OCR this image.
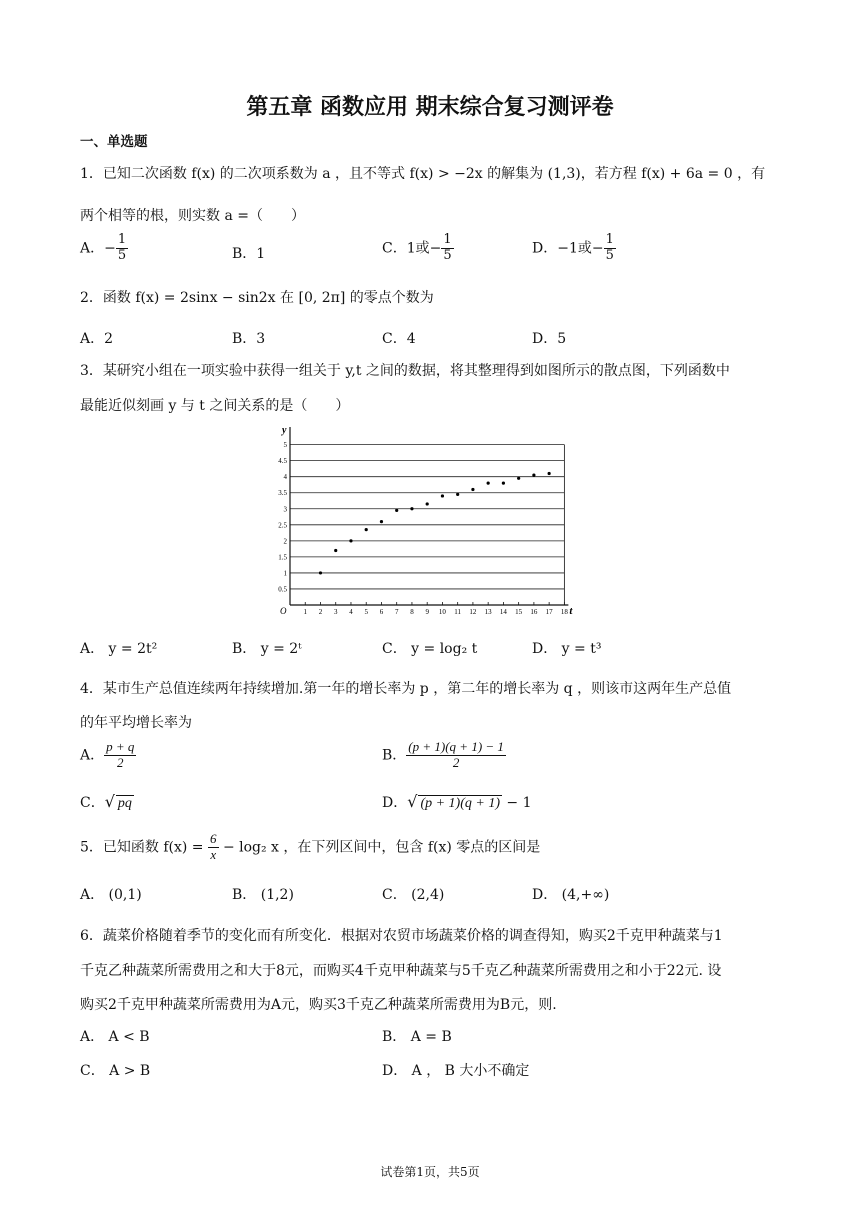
第五章 函数应用 期末综合复习测评卷
一、单选题
1．已知二次函数 f(x) 的二次项系数为 a ，且不等式 f(x) > −2x 的解集为 (1,3)，若方程 f(x) + 6a = 0 ，有
两个相等的根，则实数 a =（　　）
A．− $\frac{1}{5}$	B．1	C．1或− $\frac{1}{5}$	D．−1或− $\frac{1}{5}$
2．函数 f(x) = 2sinx − sin2x 在 [0, 2π] 的零点个数为
A．2	B．3	C．4	D．5
3．某研究小组在一项实验中获得一组关于 y,t 之间的数据，将其整理得到如图所示的散点图，下列函数中
最能近似刻画 y 与 t 之间关系的是（　　）
0.5
1
1.5
2
2.5
3
3.5
4
4.5
5
y
t
O 1 2 3 4 5 6 7 8 9 10 11 12 13 14 15 16 17 18
A． y = 2t²	B． y = 2ᵗ	C． y = log₂ t	D． y = t³
4．某市生产总值连续两年持续增加.第一年的增长率为 p ，第二年的增长率为 q ，则该市这两年生产总值
的年平均增长率为
A． $\frac{p + q}{2}$	B． $\frac{(p + 1)(q + 1) - 1}{2}$
C．√ pq	D．√ (p + 1)(q + 1) − 1
5．已知函数 $f(x) = \frac{6}{x} - \log_2$ x ，在下列区间中，包含 f(x) 零点的区间是
A． (0,1)	B． (1,2)	C． (2,4)	D． (4,+∞)
6．蔬菜价格随着季节的变化而有所变化．根据对农贸市场蔬菜价格的调查得知，购买2千克甲种蔬菜与1
千克乙种蔬菜所需费用之和大于8元，而购买4千克甲种蔬菜与5千克乙种蔬菜所需费用之和小于22元. 设
购买2千克甲种蔬菜所需费用为A元，购买3千克乙种蔬菜所需费用为B元，则.
A． A < B	B． A = B
C． A > B	D． A ， B 大小不确定
试卷第1页，共5页
